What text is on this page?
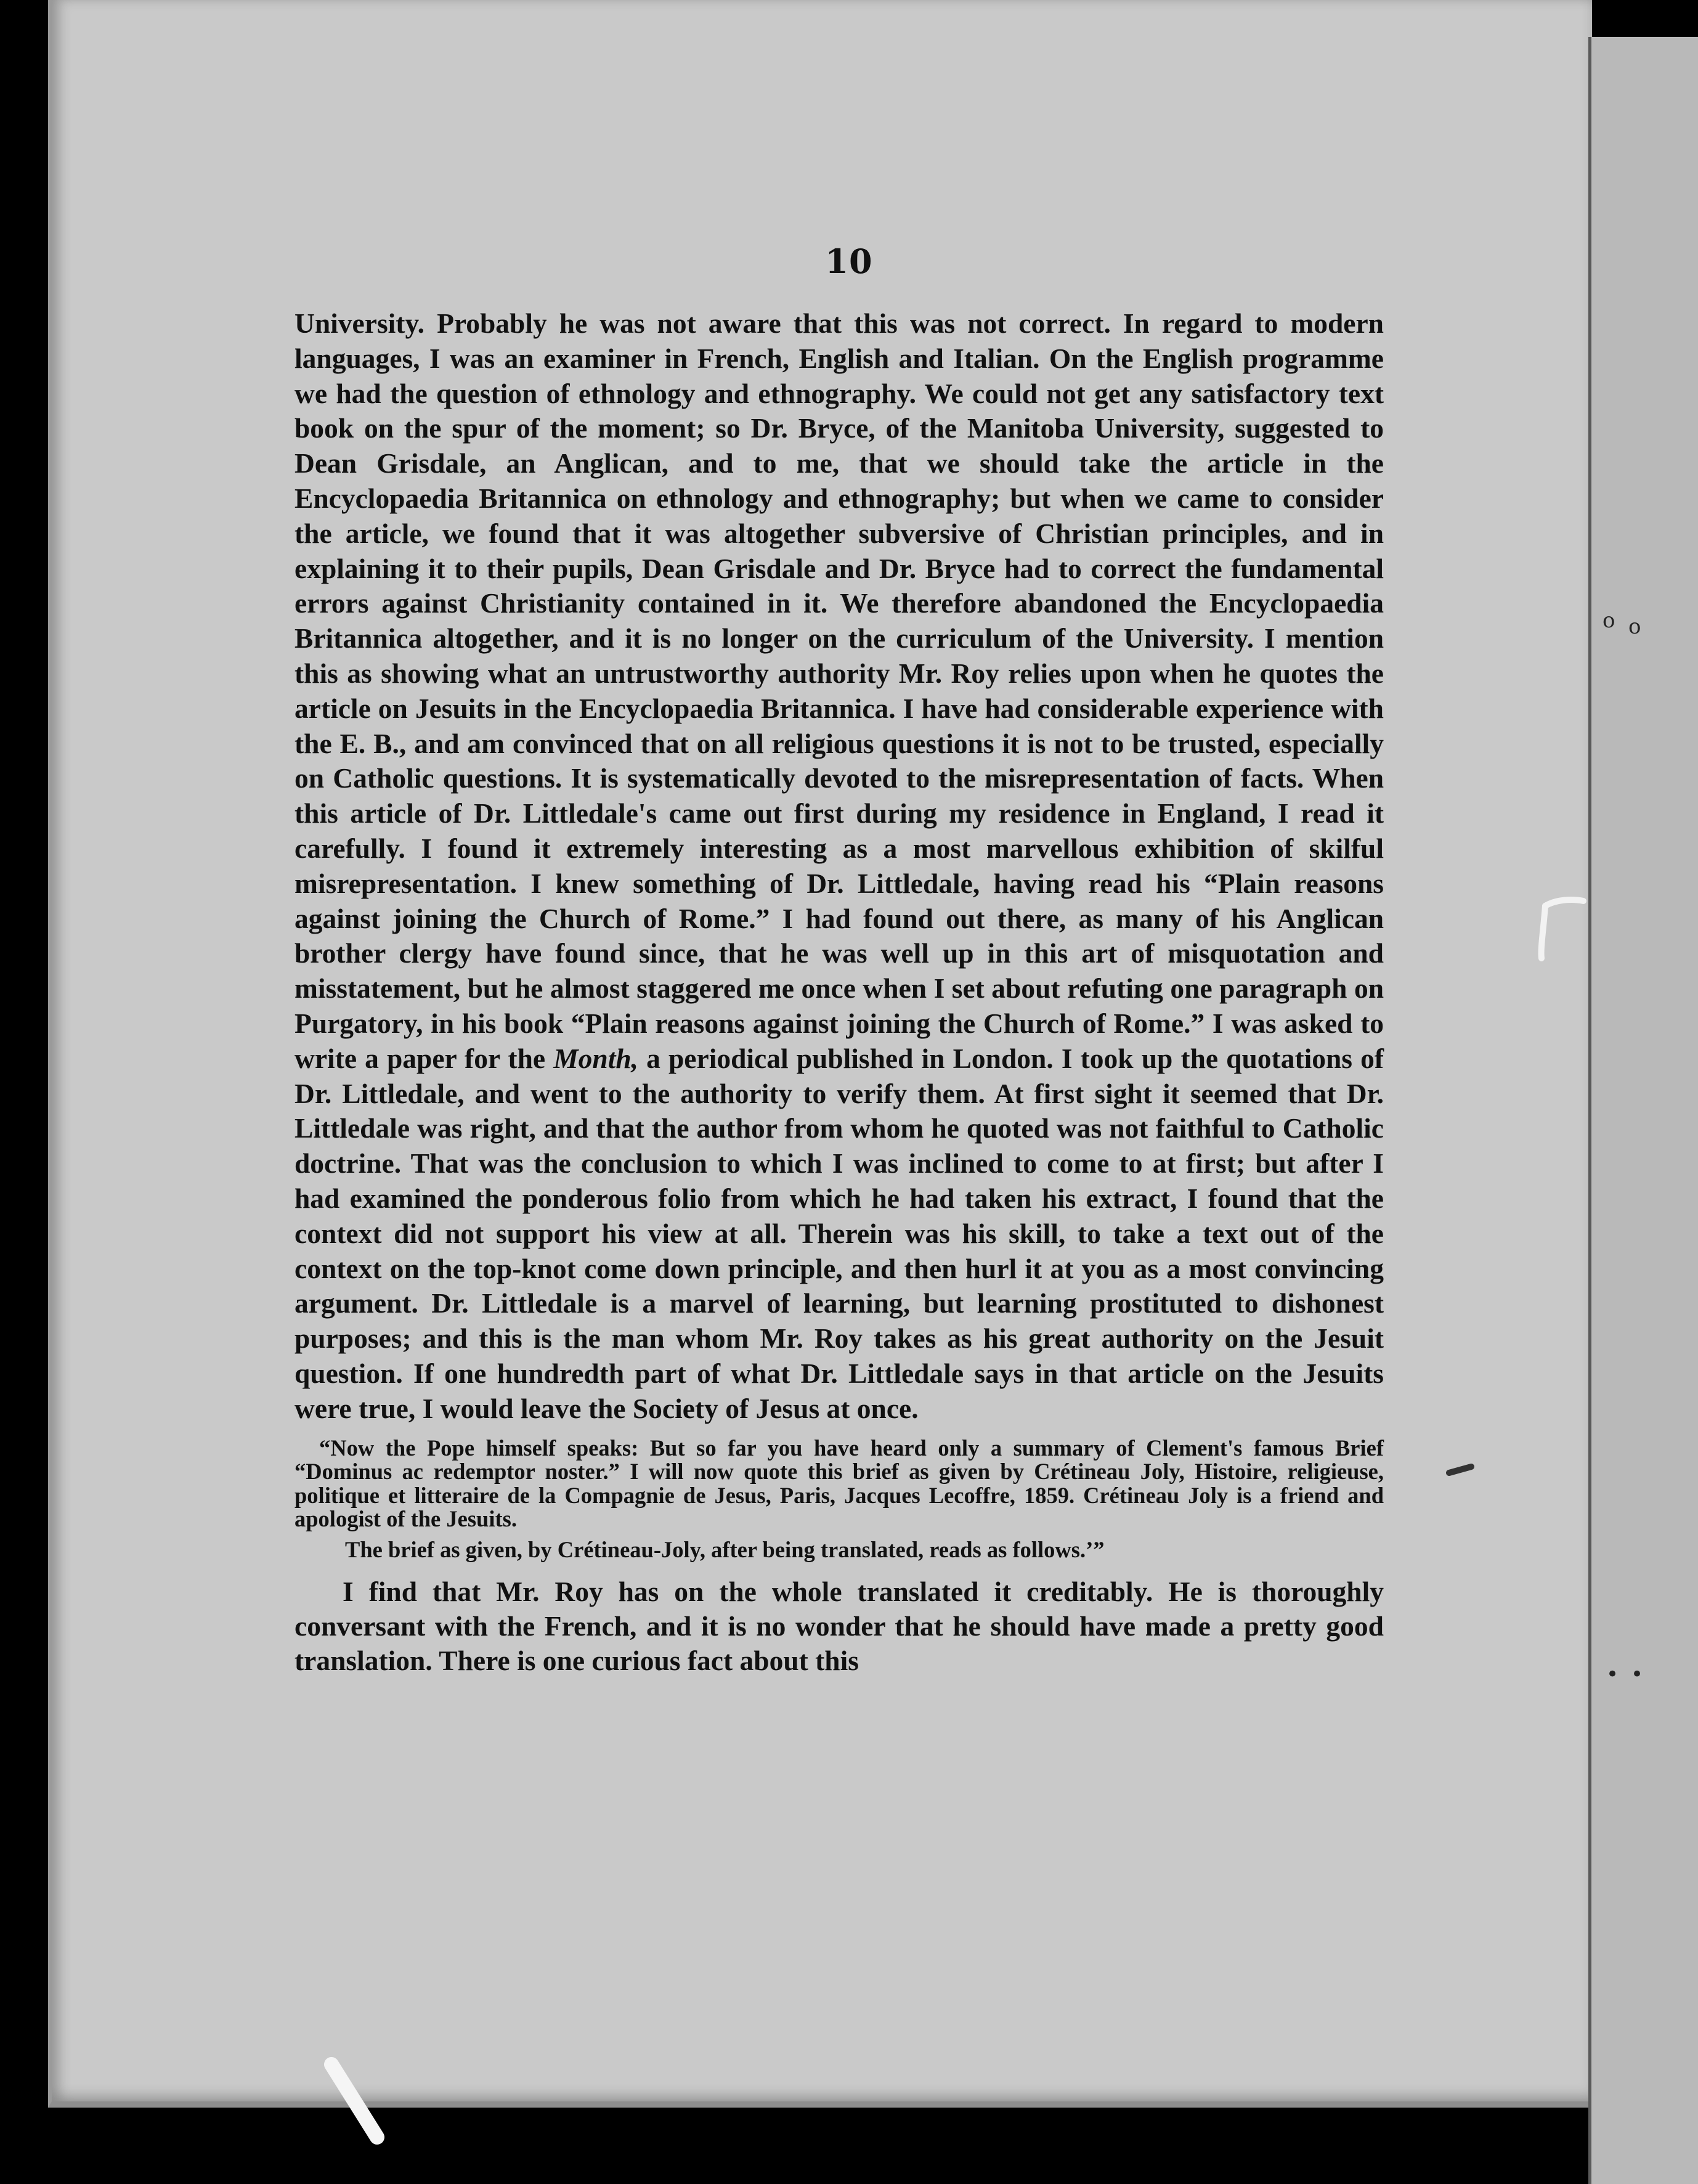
o o
• •
10

University. Probably he was not aware that this was not correct. In regard to modern languages, I was an examiner in French, English and Italian. On the English programme we had the question of ethnology and ethnography. We could not get any satisfactory text book on the spur of the moment; so Dr. Bryce, of the Manitoba University, suggested to Dean Grisdale, an Anglican, and to me, that we should take the article in the Encyclopaedia Britannica on ethnology and ethnography; but when we came to consider the article, we found that it was altogether subversive of Christian principles, and in explaining it to their pupils, Dean Grisdale and Dr. Bryce had to correct the fundamental errors against Christianity contained in it. We therefore abandoned the Encyclopaedia Britannica altogether, and it is no longer on the curriculum of the University. I mention this as showing what an untrustworthy authority Mr. Roy relies upon when he quotes the article on Jesuits in the Encyclopaedia Britannica. I have had considerable experience with the E. B., and am convinced that on all religious questions it is not to be trusted, especially on Catholic questions. It is systematically devoted to the misrepresentation of facts. When this article of Dr. Littledale's came out first during my residence in England, I read it carefully. I found it extremely interesting as a most marvellous exhibition of skilful misrepresentation. I knew something of Dr. Littledale, having read his “Plain reasons against joining the Church of Rome.” I had found out there, as many of his Anglican brother clergy have found since, that he was well up in this art of misquotation and misstatement, but he almost staggered me once when I set about refuting one paragraph on Purgatory, in his book “Plain reasons against joining the Church of Rome.” I was asked to write a paper for the Month, a periodical published in London. I took up the quotations of Dr. Littledale, and went to the authority to verify them. At first sight it seemed that Dr. Littledale was right, and that the author from whom he quoted was not faithful to Catholic doctrine. That was the conclusion to which I was inclined to come to at first; but after I had examined the ponderous folio from which he had taken his extract, I found that the context did not support his view at all. Therein was his skill, to take a text out of the context on the top-knot come down principle, and then hurl it at you as a most convincing argument. Dr. Littledale is a marvel of learning, but learning prostituted to dishonest purposes; and this is the man whom Mr. Roy takes as his great authority on the Jesuit question. If one hundredth part of what Dr. Littledale says in that article on the Jesuits were true, I would leave the Society of Jesus at once.

“Now the Pope himself speaks: But so far you have heard only a summary of Clement's famous Brief “Dominus ac redemptor noster.” I will now quote this brief as given by Crétineau Joly, Histoire, religieuse, politique et litteraire de la Compagnie de Jesus, Paris, Jacques Lecoffre, 1859. Crétineau Joly is a friend and apologist of the Jesuits.

The brief as given, by Crétineau-Joly, after being translated, reads as follows.’”

I find that Mr. Roy has on the whole translated it creditably. He is thoroughly conversant with the French, and it is no wonder that he should have made a pretty good translation. There is one curious fact about this
